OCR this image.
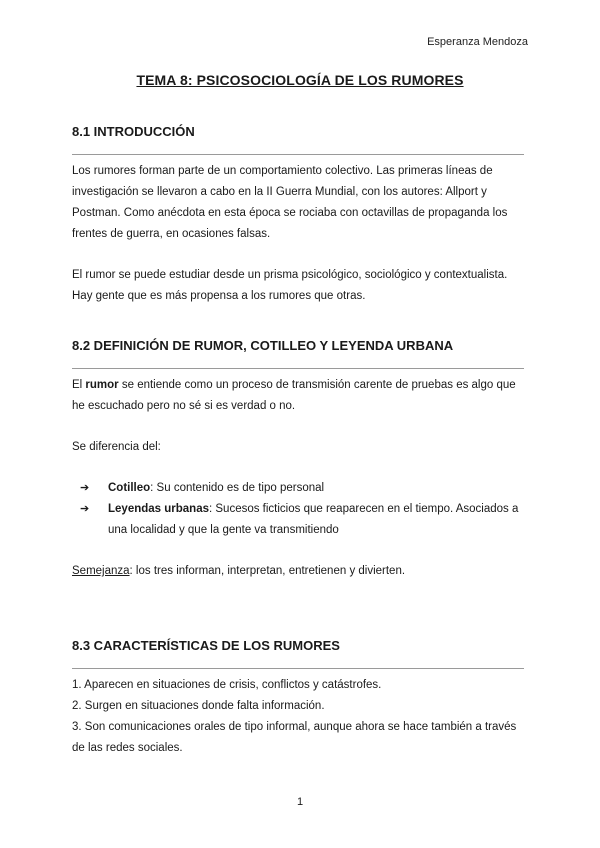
Esperanza Mendoza
TEMA 8: PSICOSOCIOLOGÍA DE LOS RUMORES
8.1 INTRODUCCIÓN

Los rumores forman parte de un comportamiento colectivo. Las primeras líneas de investigación se llevaron a cabo en la II Guerra Mundial, con los autores: Allport y Postman. Como anécdota en esta época se rociaba con octavillas de propaganda los frentes de guerra, en ocasiones falsas.

El rumor se puede estudiar desde un prisma psicológico, sociológico y contextualista. Hay gente que es más propensa a los rumores que otras.

8.2 DEFINICIÓN DE RUMOR, COTILLEO Y LEYENDA URBANA

El rumor se entiende como un proceso de transmisión carente de pruebas es algo que he escuchado pero no sé si es verdad o no.

Se diferencia del:

➔ Cotilleo: Su contenido es de tipo personal
➔ Leyendas urbanas: Sucesos ficticios que reaparecen en el tiempo. Asociados a una localidad y que la gente va transmitiendo

Semejanza: los tres informan, interpretan, entretienen y divierten.

8.3 CARACTERÍSTICAS DE LOS RUMORES
1. Aparecen en situaciones de crisis, conflictos y catástrofes.
2. Surgen en situaciones donde falta información.
3. Son comunicaciones orales de tipo informal, aunque ahora se hace también a través de las redes sociales.
1
